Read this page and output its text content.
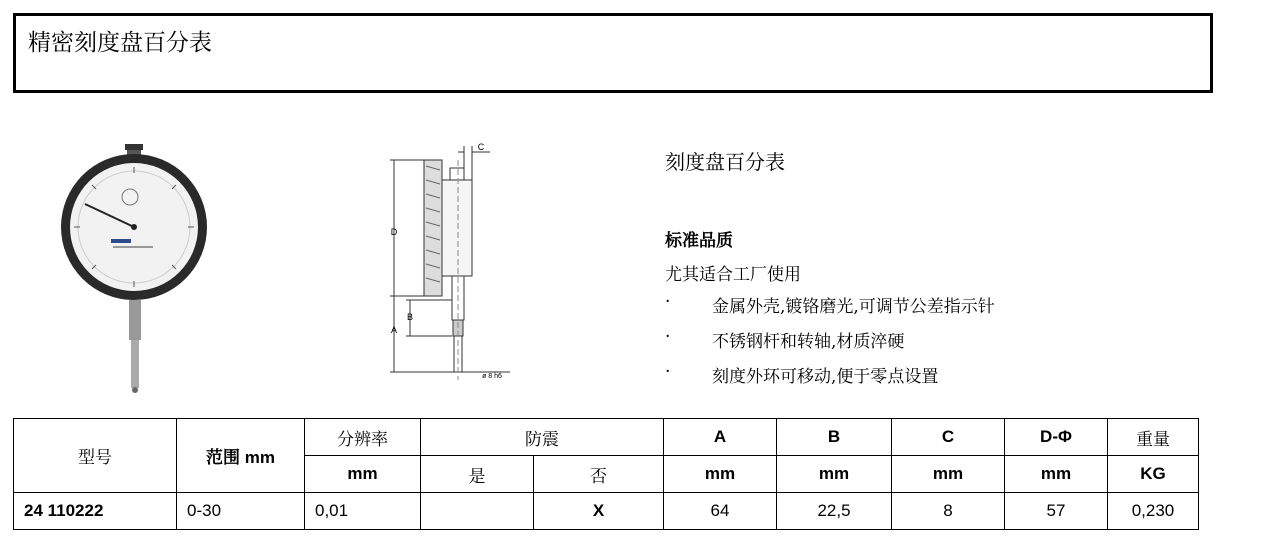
精密刻度盘百分表
D
A
B
C
ø 8 h6
刻度盘百分表
标准品质
尤其适合工厂使用
· 金属外壳,镀铬磨光,可调节公差指示针
· 不锈钢杆和转轴,材质淬硬
· 刻度外环可移动,便于零点设置
型号	范围 mm	分辨率	防震		A	B	C	D-Φ	重量
		mm	是	否	mm	mm	mm	mm	KG
24 110222	0-30	0,01		X	64	22,5	8	57	0,230
